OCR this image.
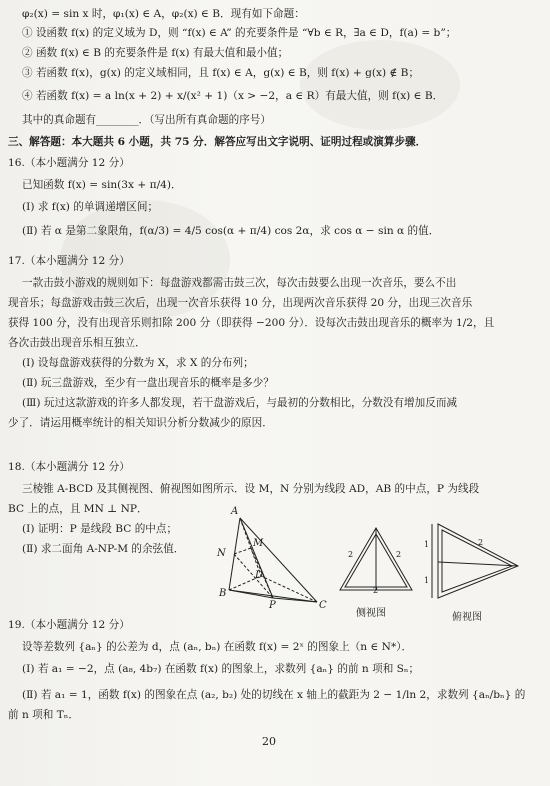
φ₂(x) = sin x 时，φ₁(x) ∈ A，φ₂(x) ∈ B．现有如下命题：
① 设函数 f(x) 的定义域为 D，则 “f(x) ∈ A” 的充要条件是 “∀b ∈ R，∃a ∈ D，f(a) = b”；
② 函数 f(x) ∈ B 的充要条件是 f(x) 有最大值和最小值；
③ 若函数 f(x)，g(x) 的定义域相同，且 f(x) ∈ A，g(x) ∈ B，则 f(x) + g(x) ∉ B；
④ 若函数 f(x) = a ln(x + 2) + x/(x² + 1)（x > −2，a ∈ R）有最大值，则 f(x) ∈ B．
其中的真命题有________．（写出所有真命题的序号）
三、解答题：本大题共 6 小题，共 75 分．解答应写出文字说明、证明过程或演算步骤．
16.（本小题满分 12 分）
已知函数 f(x) = sin(3x + π/4)．
(Ⅰ) 求 f(x) 的单调递增区间；
(Ⅱ) 若 α 是第二象限角，f(α/3) = 4/5 cos(α + π/4) cos 2α，求 cos α − sin α 的值．
17.（本小题满分 12 分）
一款击鼓小游戏的规则如下：每盘游戏都需击鼓三次，每次击鼓要么出现一次音乐，要么不出
现音乐；每盘游戏击鼓三次后，出现一次音乐获得 10 分，出现两次音乐获得 20 分，出现三次音乐
获得 100 分，没有出现音乐则扣除 200 分（即获得 −200 分）．设每次击鼓出现音乐的概率为 1/2，且
各次击鼓出现音乐相互独立．
(Ⅰ) 设每盘游戏获得的分数为 X，求 X 的分布列；
(Ⅱ) 玩三盘游戏，至少有一盘出现音乐的概率是多少？
(Ⅲ) 玩过这款游戏的许多人都发现，若干盘游戏后，与最初的分数相比，分数没有增加反而减
少了．请运用概率统计的相关知识分析分数减少的原因．
18.（本小题满分 12 分）
三棱锥 A-BCD 及其侧视图、俯视图如图所示．设 M，N 分别为线段 AD，AB 的中点，P 为线段
BC 上的点，且 MN ⊥ NP．
(Ⅰ) 证明：P 是线段 BC 的中点；
(Ⅱ) 求二面角 A-NP-M 的余弦值．
19.（本小题满分 12 分）
设等差数列 {aₙ} 的公差为 d，点 (aₙ, bₙ) 在函数 f(x) = 2ˣ 的图象上（n ∈ N*）．
(Ⅰ) 若 a₁ = −2，点 (a₈, 4b₇) 在函数 f(x) 的图象上，求数列 {aₙ} 的前 n 项和 Sₙ；
(Ⅱ) 若 a₁ = 1，函数 f(x) 的图象在点 (a₂, b₂) 处的切线在 x 轴上的截距为 2 − 1/ln 2，求数列 {aₙ/bₙ} 的
前 n 项和 Tₙ．
A
M
N
D
B
P	C
2	2
2
侧视图
1
1
2
俯视图
20
